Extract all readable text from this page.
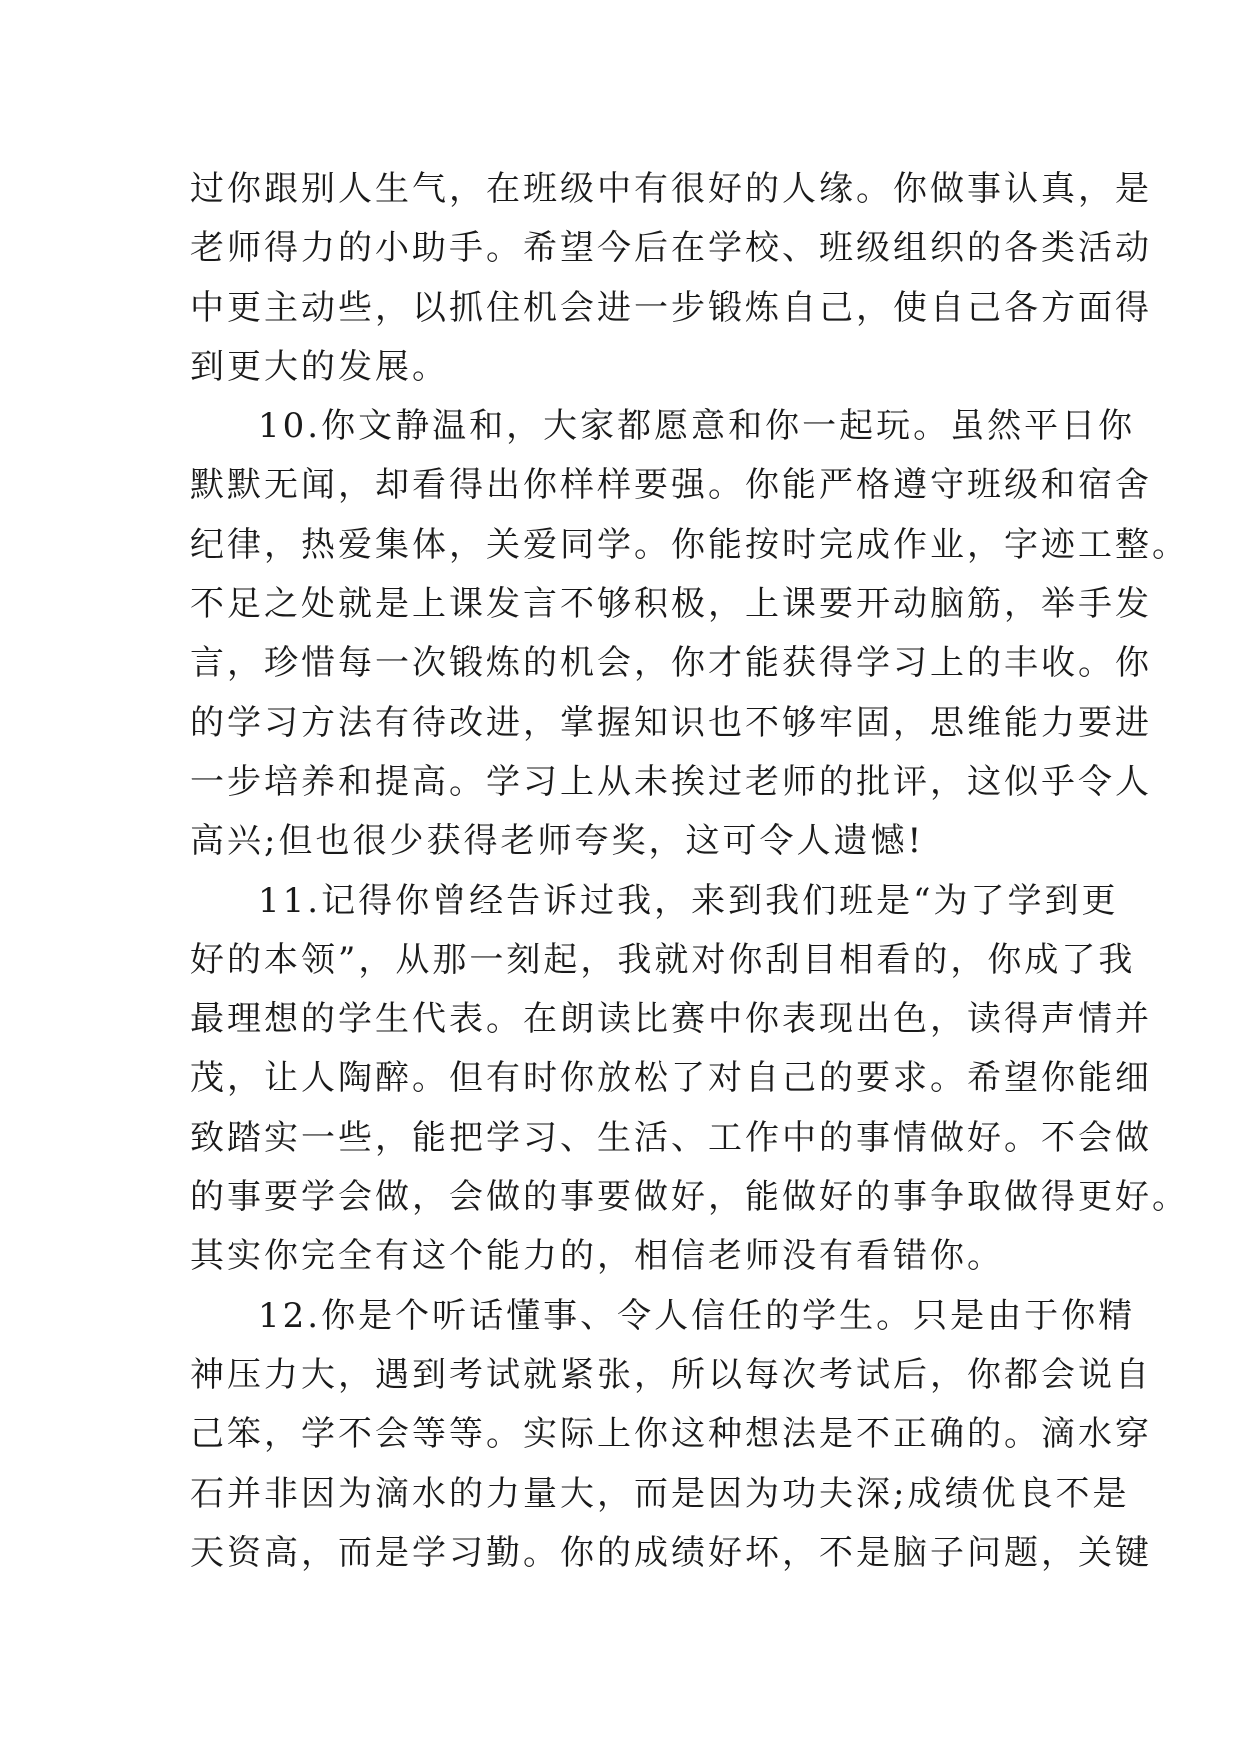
过你跟别人生气，在班级中有很好的人缘。你做事认真，是
老师得力的小助手。希望今后在学校、班级组织的各类活动
中更主动些，以抓住机会进一步锻炼自己，使自己各方面得
到更大的发展。
10.你文静温和，大家都愿意和你一起玩。虽然平日你
默默无闻，却看得出你样样要强。你能严格遵守班级和宿舍
纪律，热爱集体，关爱同学。你能按时完成作业，字迹工整。
不足之处就是上课发言不够积极，上课要开动脑筋，举手发
言，珍惜每一次锻炼的机会，你才能获得学习上的丰收。你
的学习方法有待改进，掌握知识也不够牢固，思维能力要进
一步培养和提高。学习上从未挨过老师的批评，这似乎令人
高兴;但也很少获得老师夸奖，这可令人遗憾!
11.记得你曾经告诉过我，来到我们班是“为了学到更
好的本领”，从那一刻起，我就对你刮目相看的，你成了我
最理想的学生代表。在朗读比赛中你表现出色，读得声情并
茂，让人陶醉。但有时你放松了对自己的要求。希望你能细
致踏实一些，能把学习、生活、工作中的事情做好。不会做
的事要学会做，会做的事要做好，能做好的事争取做得更好。
其实你完全有这个能力的，相信老师没有看错你。
12.你是个听话懂事、令人信任的学生。只是由于你精
神压力大，遇到考试就紧张，所以每次考试后，你都会说自
己笨，学不会等等。实际上你这种想法是不正确的。滴水穿
石并非因为滴水的力量大，而是因为功夫深;成绩优良不是
天资高，而是学习勤。你的成绩好坏，不是脑子问题，关键
